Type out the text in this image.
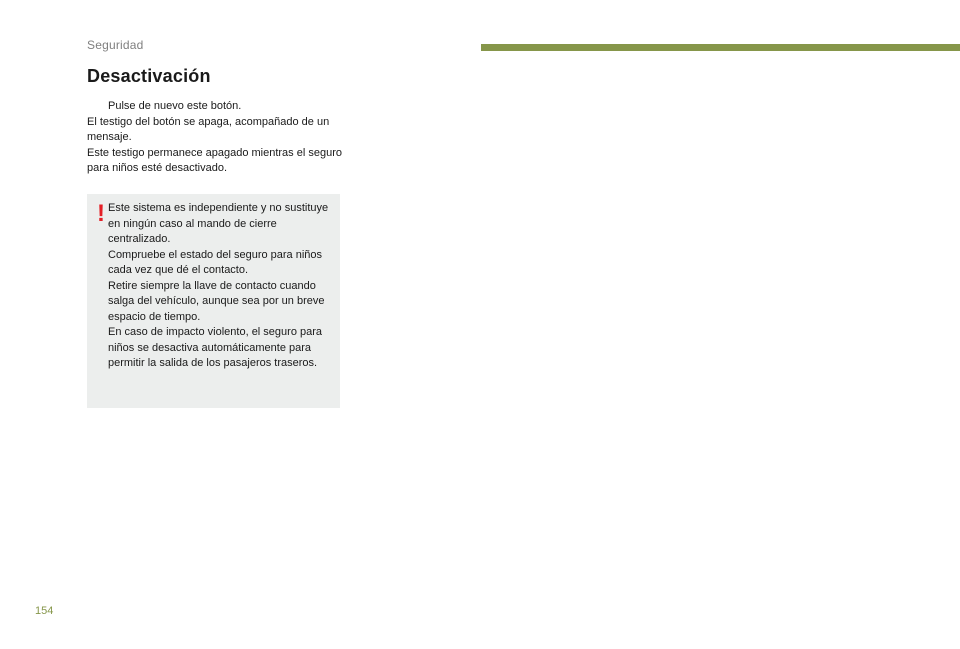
Seguridad
Desactivación

Pulse de nuevo este botón.

El testigo del botón se apaga, acompañado de un mensaje.

Este testigo permanece apagado mientras el seguro para niños esté desactivado.

! Este sistema es independiente y no sustituye en ningún caso al mando de cierre centralizado.

Compruebe el estado del seguro para niños cada vez que dé el contacto.

Retire siempre la llave de contacto cuando salga del vehículo, aunque sea por un breve espacio de tiempo.

En caso de impacto violento, el seguro para niños se desactiva automáticamente para permitir la salida de los pasajeros traseros.

154
